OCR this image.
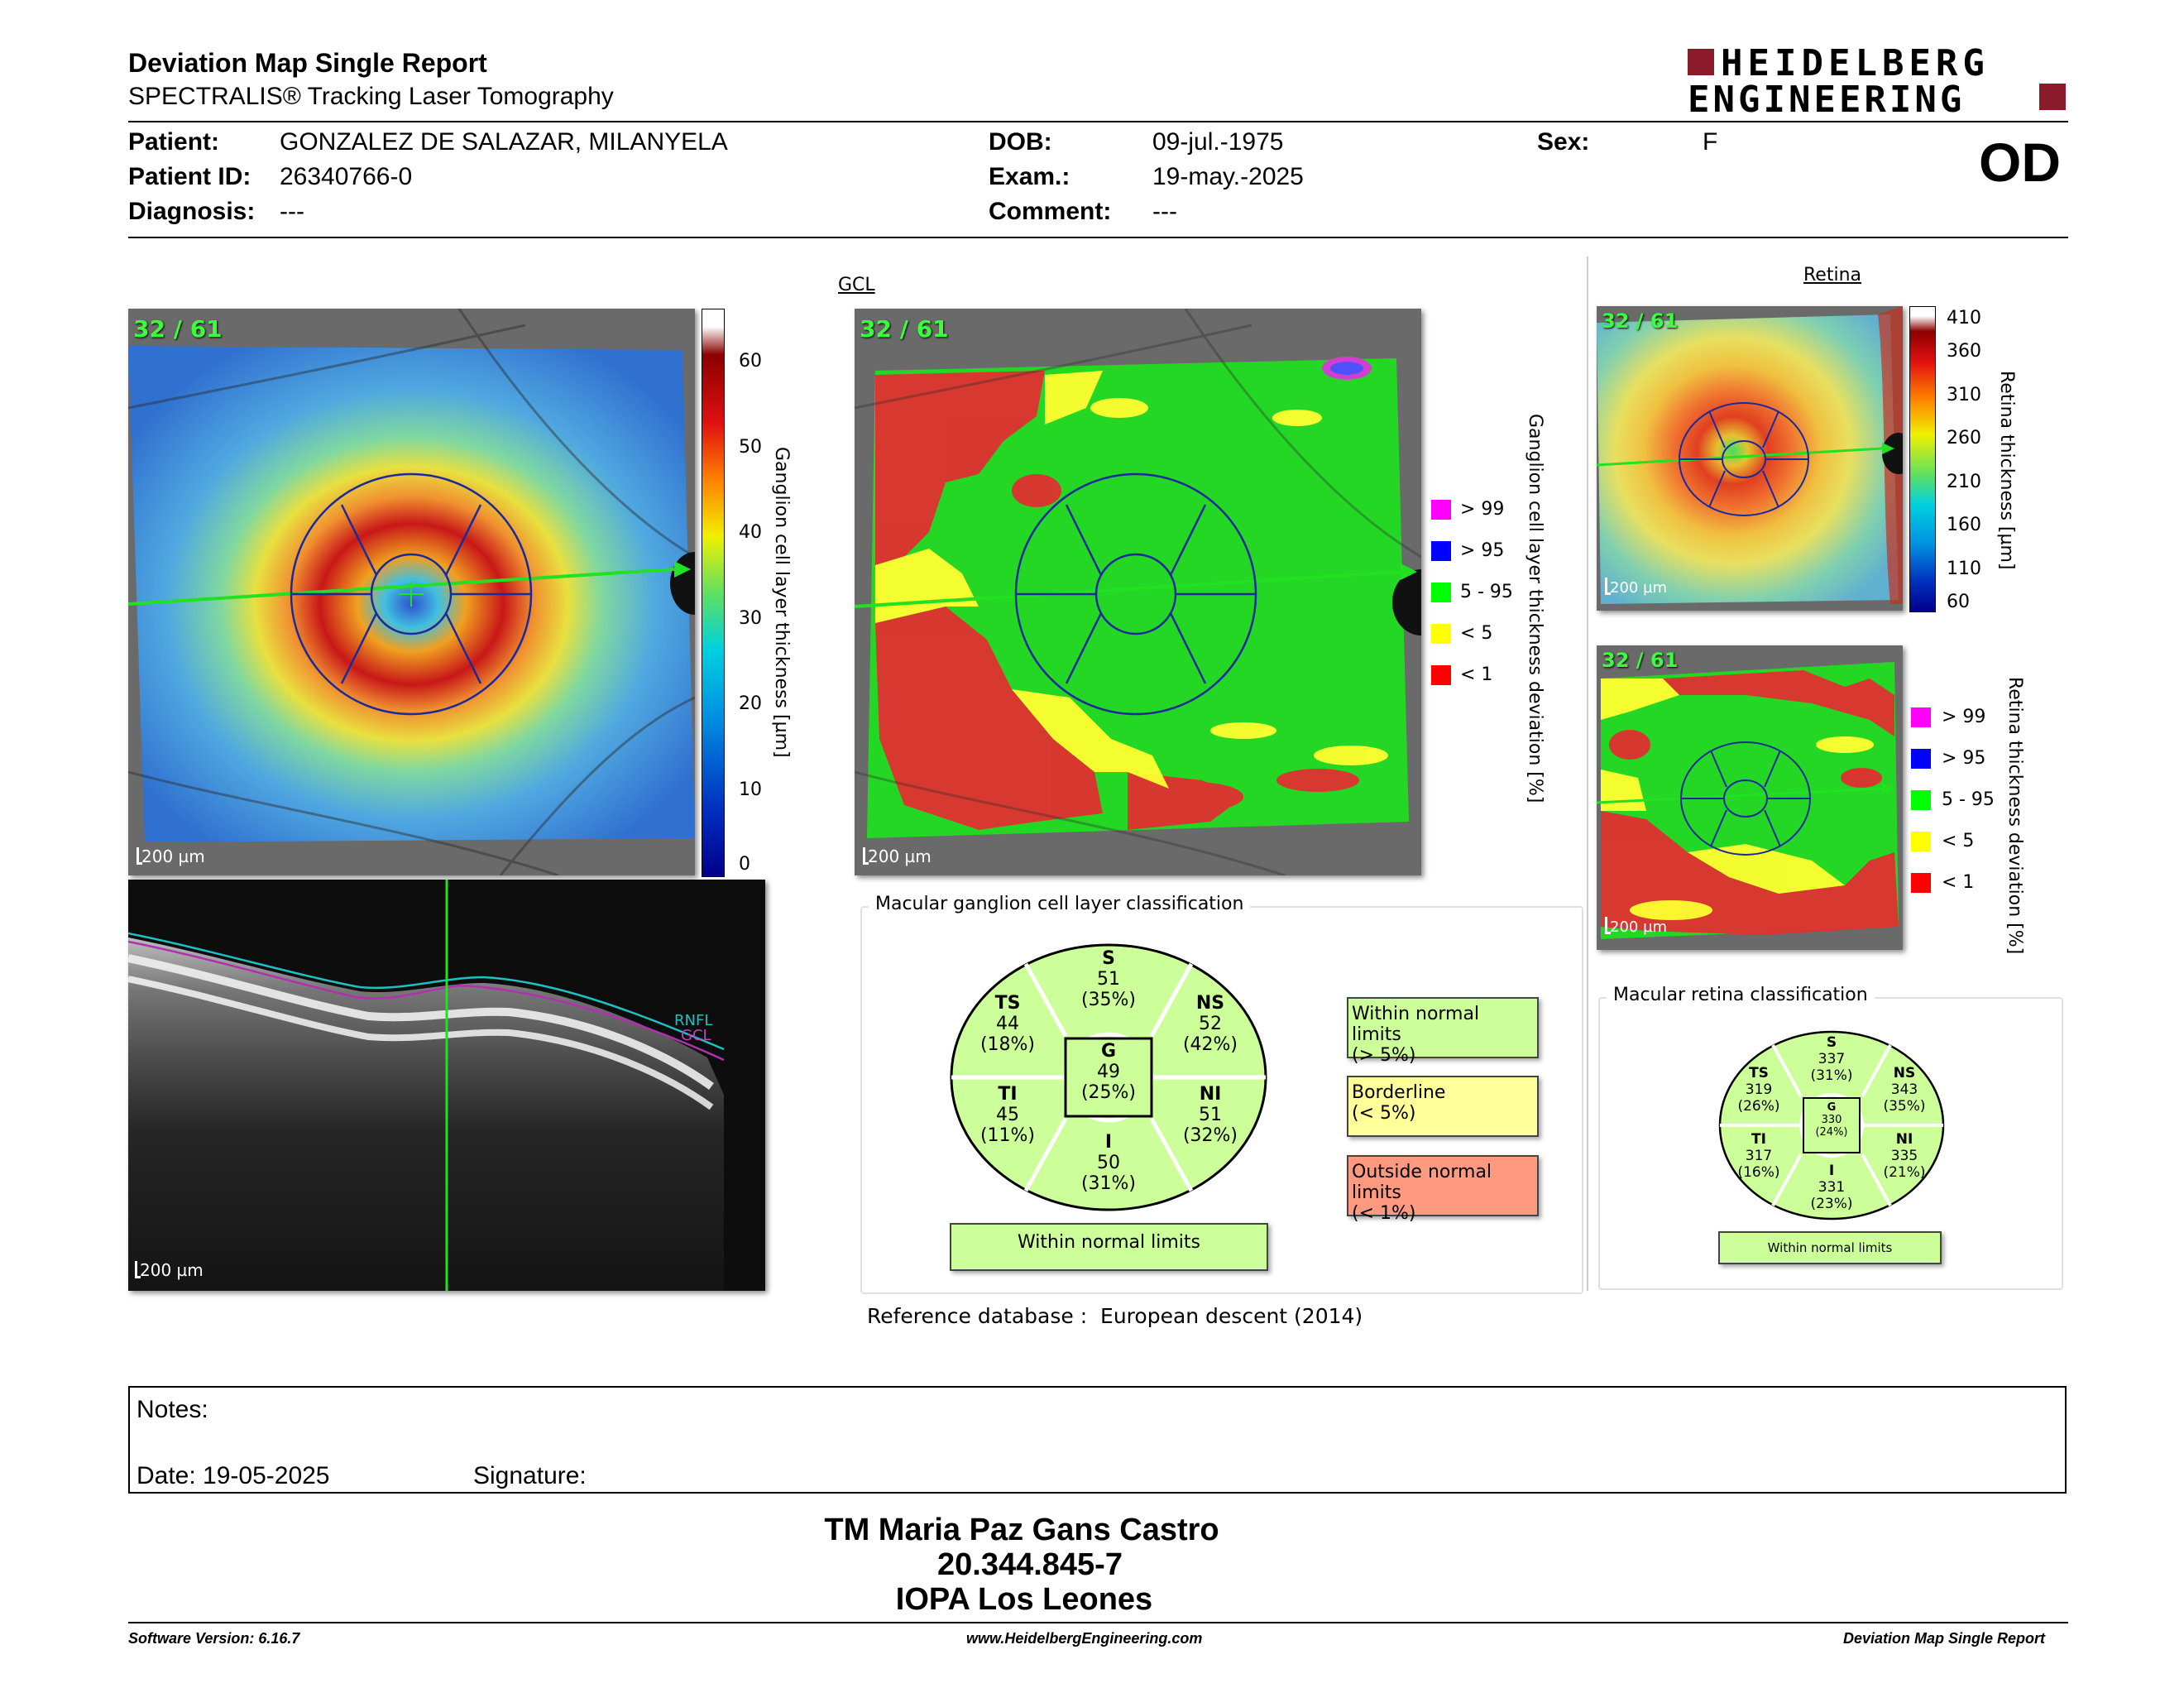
Deviation Map Single Report
SPECTRALIS® Tracking Laser Tomography
HEIDELBERG
ENGINEERING
Patient: GONZALEZ DE SALAZAR, MILANYELA
Patient ID: 26340766-0
Diagnosis: ---
DOB:	09-jul.-1975
Exam.:	19-may.-2025
Comment: ---
Sex:	F	OD
GCL
32 / 61
200 µm
60
50
40
30
20
10
0
Ganglion cell layer thickness [µm]
32 / 61
200 µm
> 99
> 95
5 - 95
< 5
< 1 Ganglion cell layer thickness deviation [%]
RNFL
GCL
200 µm
Macular ganglion cell layer classification
S
51
(35%)
TS
44
(18%)
NS
52
(42%)
G
49
(25%)
TI
45
(11%)
NI
51
(32%)
I
50
(31%)
Within normal limits
Within normal limits
(> 5%)
Borderline
(< 5%)
Outside normal limits
(< 1%)
Reference database : European descent (2014)
Retina
32 / 61
200 µm
410
360
310
260
210
160
110
60
Retina thickness [µm]
32 / 61
200 µm
> 99
> 95
5 - 95
< 5
< 1 Retina thickness deviation [%]
Macular retina classification
S
337
(31%)
TS
319
(26%)
NS
343
(35%)
G
330
(24%)
TI
317
(16%)
NI
335
(21%)
I
331
(23%)
Within normal limits
Notes:
Date: 19-05-2025	Signature:
TM Maria Paz Gans Castro
20.344.845-7
IOPA Los Leones
Software Version: 6.16.7	www.HeidelbergEngineering.com	Deviation Map Single Report
